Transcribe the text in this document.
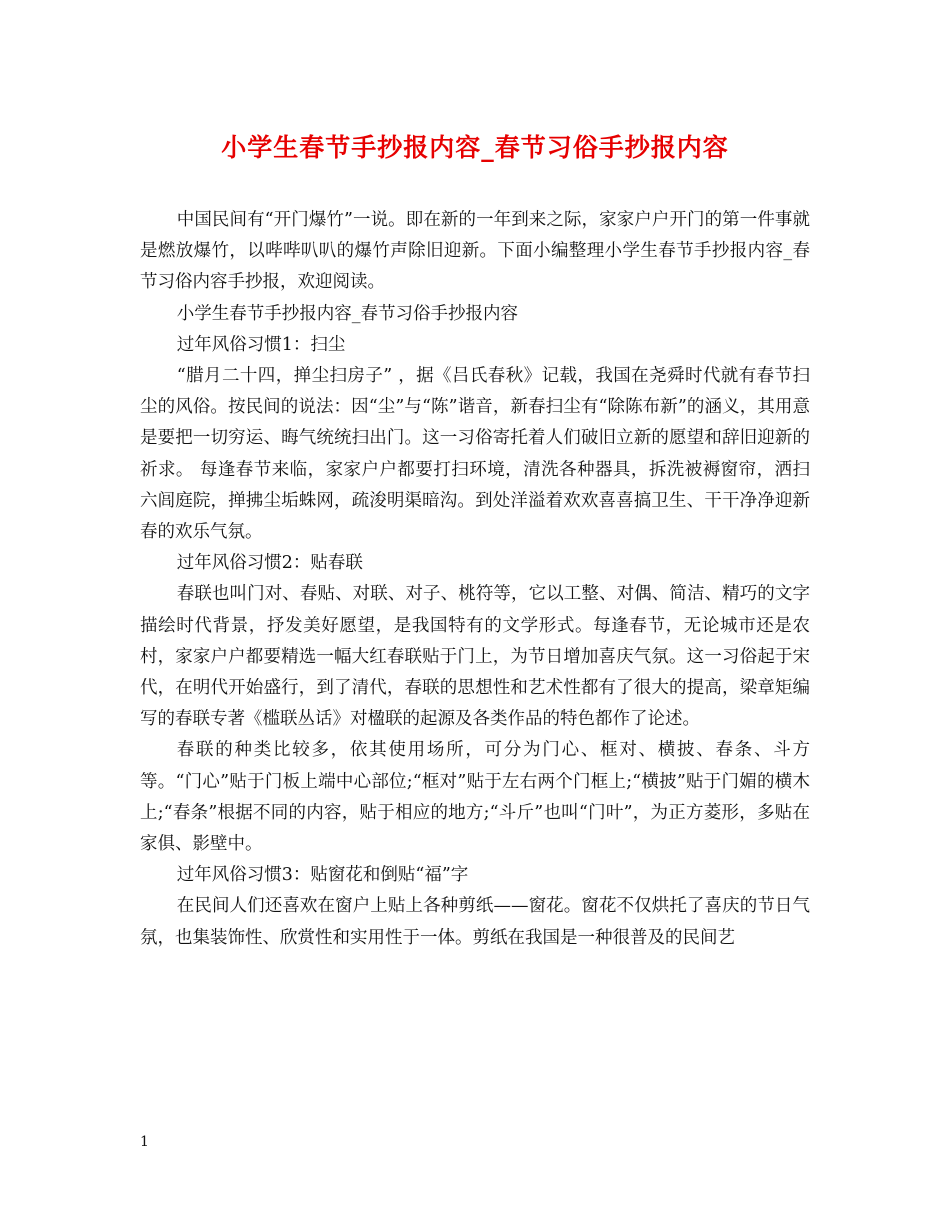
小学生春节手抄报内容_春节习俗手抄报内容

中国民间有“开门爆竹”一说。即在新的一年到来之际，家家户户开门的第一件事就是燃放爆竹，以哔哔叭叭的爆竹声除旧迎新。下面小编整理小学生春节手抄报内容_春节习俗内容手抄报，欢迎阅读。

小学生春节手抄报内容_春节习俗手抄报内容

过年风俗习惯1：扫尘

“腊月二十四，掸尘扫房子” ，据《吕氏春秋》记载，我国在尧舜时代就有春节扫尘的风俗。按民间的说法：因“尘”与“陈”谐音，新春扫尘有“除陈布新”的涵义，其用意是要把一切穷运、晦气统统扫出门。这一习俗寄托着人们破旧立新的愿望和辞旧迎新的祈求。 每逢春节来临，家家户户都要打扫环境，清洗各种器具，拆洗被褥窗帘，洒扫六闾庭院，掸拂尘垢蛛网，疏浚明渠暗沟。到处洋溢着欢欢喜喜搞卫生、干干净净迎新春的欢乐气氛。

过年风俗习惯2：贴春联

春联也叫门对、春贴、对联、对子、桃符等，它以工整、对偶、简洁、精巧的文字描绘时代背景，抒发美好愿望，是我国特有的文学形式。每逢春节，无论城市还是农村，家家户户都要精选一幅大红春联贴于门上，为节日增加喜庆气氛。这一习俗起于宋代，在明代开始盛行，到了清代，春联的思想性和艺术性都有了很大的提高，梁章矩编写的春联专著《槛联丛话》对楹联的起源及各类作品的特色都作了论述。

春联的种类比较多，依其使用场所，可分为门心、框对、横披、春条、斗方等。“门心”贴于门板上端中心部位;“框对”贴于左右两个门框上;“横披”贴于门媚的横木上;“春条”根据不同的内容，贴于相应的地方;“斗斤”也叫“门叶”，为正方菱形，多贴在家俱、影壁中。

过年风俗习惯3：贴窗花和倒贴“福”字

在民间人们还喜欢在窗户上贴上各种剪纸——窗花。窗花不仅烘托了喜庆的节日气氛，也集装饰性、欣赏性和实用性于一体。剪纸在我国是一种很普及的民间艺

1
